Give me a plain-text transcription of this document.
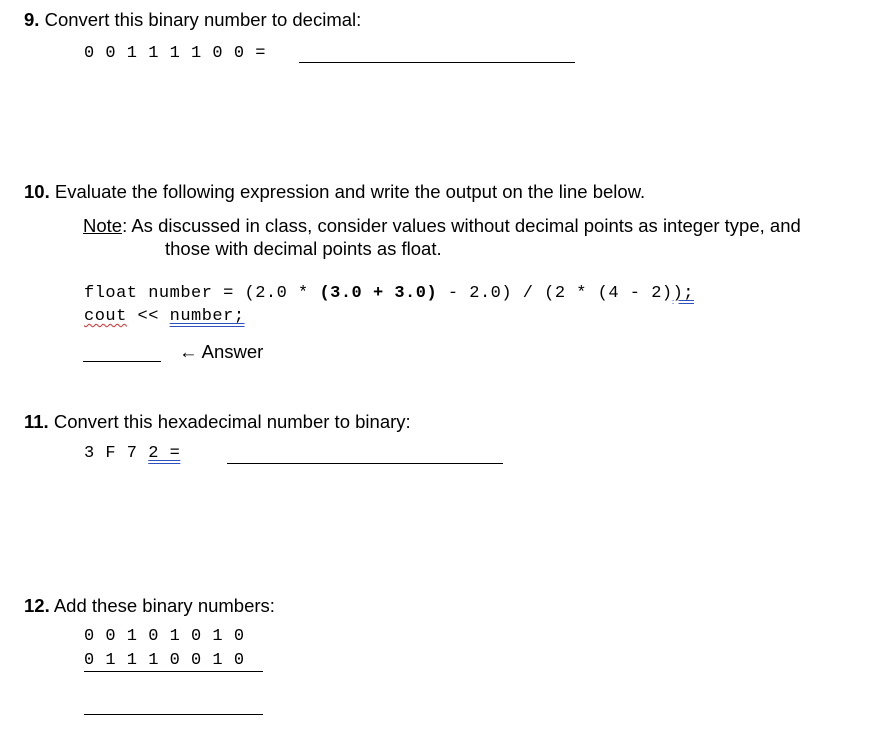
9. Convert this binary number to decimal:
0 0 1 1 1 1 0 0 =
10. Evaluate the following expression and write the output on the line below.
Note: As discussed in class, consider values without decimal points as integer type, and
those with decimal points as float.
float number = (2.0 * (3.0 + 3.0) - 2.0) / (2 * (4 - 2));
cout << number;
← Answer
11. Convert this hexadecimal number to binary:
3 F 7 2 =
12. Add these binary numbers:
0 0 1 0 1 0 1 0
0 1 1 1 0 0 1 0
